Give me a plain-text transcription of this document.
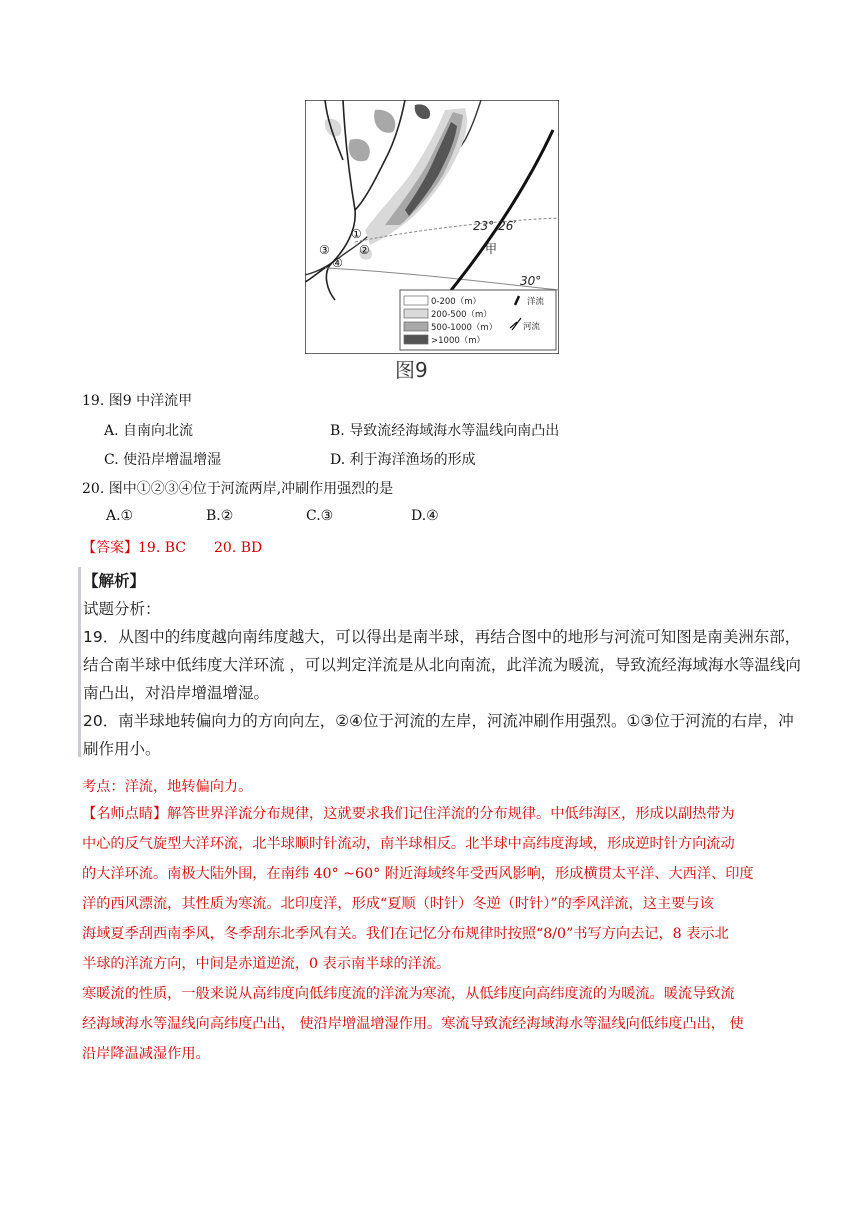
23° 26′
30°
甲
①
②
③
④
0-200（m）
200-500（m）
500-1000（m）
>1000（m）
洋流
河流
图9
19. 图9 中洋流甲
A. 自南向北流	B. 导致流经海域海水等温线向南凸出
C. 使沿岸增温增湿	D. 利于海洋渔场的形成
20. 图中①②③④位于河流两岸,冲刷作用强烈的是
A.①	B.②	C.③	D.④
【答案】19. BC　　20. BD
【解析】
试题分析：
19．从图中的纬度越向南纬度越大，可以得出是南半球，再结合图中的地形与河流可知图是南美洲东部，
结合南半球中低纬度大洋环流 ，可以判定洋流是从北向南流，此洋流为暖流，导致流经海域海水等温线向
南凸出，对沿岸增温增湿。
20．南半球地转偏向力的方向向左，②④位于河流的左岸，河流冲刷作用强烈。①③位于河流的右岸，冲
刷作用小。
考点：洋流，地转偏向力。
【名师点睛】解答世界洋流分布规律，这就要求我们记住洋流的分布规律。中低纬海区，形成以副热带为
中心的反气旋型大洋环流，北半球顺时针流动，南半球相反。北半球中高纬度海域，形成逆时针方向流动
的大洋环流。南极大陆外围，在南纬 40° ~60° 附近海域终年受西风影响，形成横贯太平洋、大西洋、印度
洋的西风漂流，其性质为寒流。北印度洋，形成“夏顺（时针）冬逆（时针）”的季风洋流，这主要与该
海域夏季刮西南季风，冬季刮东北季风有关。我们在记忆分布规律时按照“8/0”书写方向去记，8 表示北
半球的洋流方向，中间是赤道逆流，0 表示南半球的洋流。
寒暖流的性质，一般来说从高纬度向低纬度流的洋流为寒流，从低纬度向高纬度流的为暖流。暖流导致流
经海域海水等温线向高纬度凸出， 使沿岸增温增湿作用。寒流导致流经海域海水等温线向低纬度凸出， 使
沿岸降温减湿作用。
